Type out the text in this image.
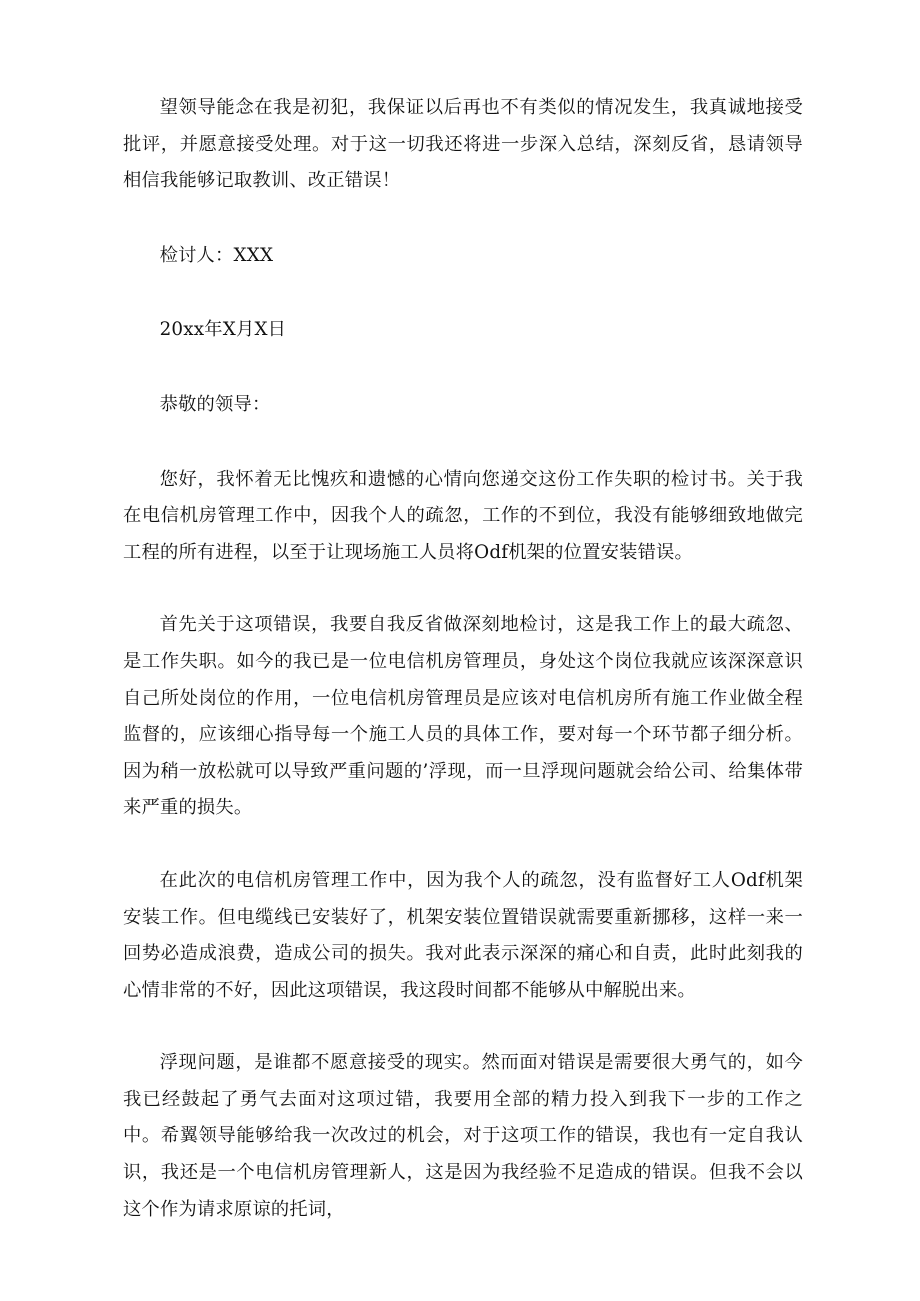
望领导能念在我是初犯，我保证以后再也不有类似的情况发生，我真诚地接受批评，并愿意接受处理。对于这一切我还将进一步深入总结，深刻反省，恳请领导相信我能够记取教训、改正错误！

检讨人：XXX

20xx年X月X日

恭敬的领导：

您好，我怀着无比愧疚和遗憾的心情向您递交这份工作失职的检讨书。关于我在电信机房管理工作中，因我个人的疏忽，工作的不到位，我没有能够细致地做完工程的所有进程，以至于让现场施工人员将Odf机架的位置安装错误。

首先关于这项错误，我要自我反省做深刻地检讨，这是我工作上的最大疏忽、是工作失职。如今的我已是一位电信机房管理员，身处这个岗位我就应该深深意识自己所处岗位的作用，一位电信机房管理员是应该对电信机房所有施工作业做全程监督的，应该细心指导每一个施工人员的具体工作，要对每一个环节都子细分析。因为稍一放松就可以导致严重问题的’浮现，而一旦浮现问题就会给公司、给集体带来严重的损失。

在此次的电信机房管理工作中，因为我个人的疏忽，没有监督好工人Odf机架安装工作。但电缆线已安装好了，机架安装位置错误就需要重新挪移，这样一来一回势必造成浪费，造成公司的损失。我对此表示深深的痛心和自责，此时此刻我的心情非常的不好，因此这项错误，我这段时间都不能够从中解脱出来。

浮现问题，是谁都不愿意接受的现实。然而面对错误是需要很大勇气的，如今我已经鼓起了勇气去面对这项过错，我要用全部的精力投入到我下一步的工作之中。希翼领导能够给我一次改过的机会，对于这项工作的错误，我也有一定自我认识，我还是一个电信机房管理新人，这是因为我经验不足造成的错误。但我不会以这个作为请求原谅的托词，
